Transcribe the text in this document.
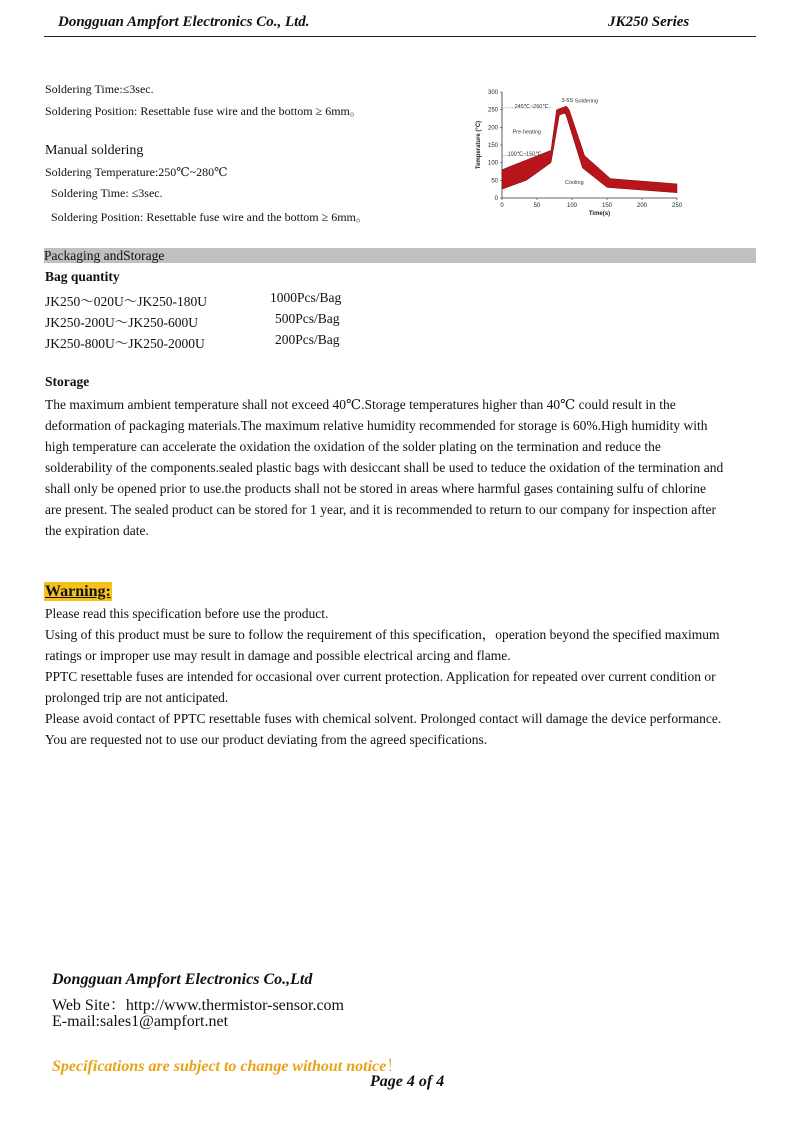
Dongguan Ampfort Electronics Co., Ltd.	JK250 Series
Soldering Time:≤3sec.
Soldering Position: Resettable fuse wire and the bottom ≥ 6mm。
Manual soldering
Soldering Temperature:250℃~280℃
Soldering Time: ≤3sec.
Soldering Position: Resettable fuse wire and the bottom ≥ 6mm。
0
50
100
150
200
250
300
0	50	100	150	200	250
Time(s)
Temperature (°C)
Soldering
3-5S
245℃~260℃
Pre-heating
100℃~150℃
Cooling
Packaging andStorage
Bag quantity
JK250～020U～JK250-180U	1000Pcs/Bag
JK250-200U～JK250-600U	500Pcs/Bag
JK250-800U～JK250-2000U	200Pcs/Bag
Storage
The maximum ambient temperature shall not exceed 40℃.Storage temperatures higher than 40℃ could result in the
deformation of packaging materials.The maximum relative humidity recommended for storage is 60%.High humidity with
high temperature can accelerate the oxidation the oxidation of the solder plating on the termination and reduce the
solderability of the components.sealed plastic bags with desiccant shall be used to teduce the oxidation of the termination and
shall only be opened prior to use.the products shall not be stored in areas where harmful gases containing sulfu of chlorine
are present. The sealed product can be stored for 1 year, and it is recommended to return to our company for inspection after
the expiration date.
Warning:
Please read this specification before use the product.
Using of this product must be sure to follow the requirement of this specification，operation beyond the specified maximum
ratings or improper use may result in damage and possible electrical arcing and flame.
PPTC resettable fuses are intended for occasional over current protection. Application for repeated over current condition or
prolonged trip are not anticipated.
Please avoid contact of PPTC resettable fuses with chemical solvent. Prolonged contact will damage the device performance.
You are requested not to use our product deviating from the agreed specifications.
Dongguan Ampfort Electronics Co.,Ltd
Web Site：http://www.thermistor-sensor.com
E-mail:sales1@ampfort.net
Specifications are subject to change without notice！
Page 4 of 4
